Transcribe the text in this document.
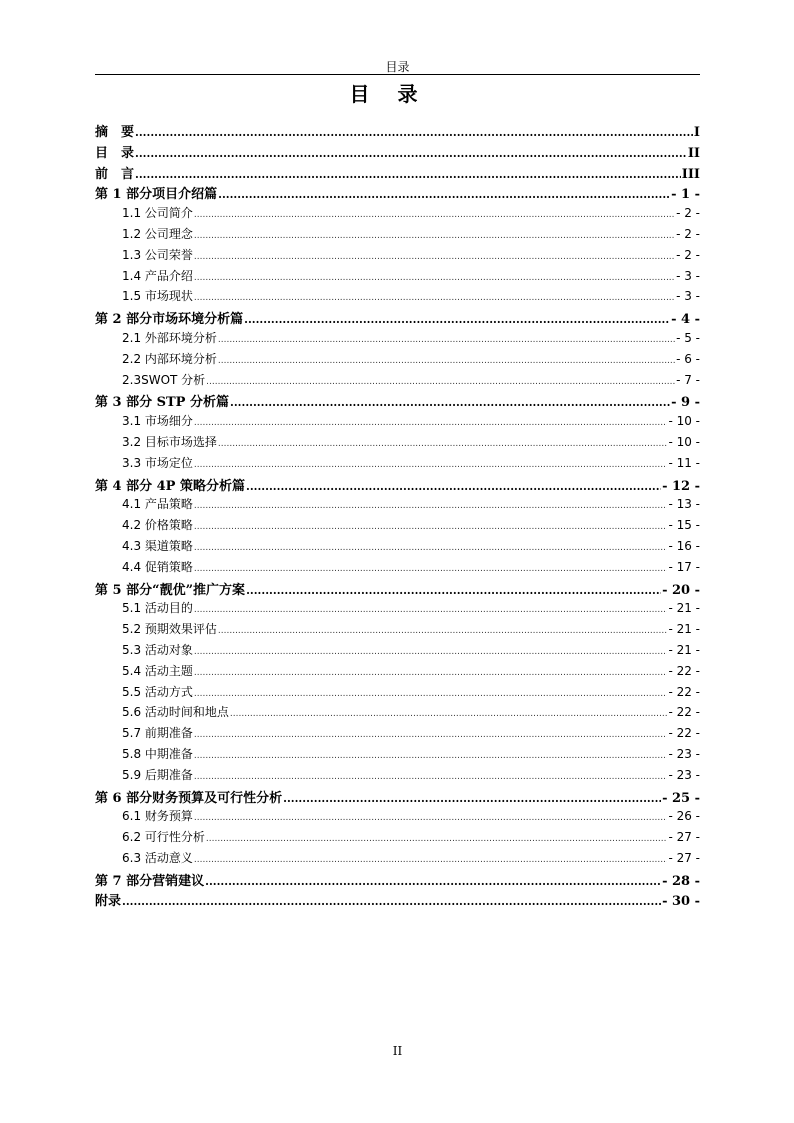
目录
目录
摘　要 .....	I
目　录 .....	II
前　言 .....	III
第 1 部分项目介绍篇 .....	- 1 -
1.1 公司简介 .....	- 2 -
1.2 公司理念 .....	- 2 -
1.3 公司荣誉 .....	- 2 -
1.4 产品介绍 .....	- 3 -
1.5 市场现状 .....	- 3 -
第 2 部分市场环境分析篇 .....	- 4 -
2.1 外部环境分析 .....	- 5 -
2.2 内部环境分析 .....	- 6 -
2.3SWOT 分析 .....	- 7 -
第 3 部分 STP 分析篇 .....	- 9 -
3.1 市场细分 .....	- 10 -
3.2 目标市场选择 .....	- 10 -
3.3 市场定位 .....	- 11 -
第 4 部分 4P 策略分析篇 .....	- 12 -
4.1 产品策略 .....	- 13 -
4.2 价格策略 .....	- 15 -
4.3 渠道策略 .....	- 16 -
4.4 促销策略 .....	- 17 -
第 5 部分“靓优”推广方案 .....	- 20 -
5.1 活动目的 .....	- 21 -
5.2 预期效果评估 .....	- 21 -
5.3 活动对象 .....	- 21 -
5.4 活动主题 .....	- 22 -
5.5 活动方式 .....	- 22 -
5.6 活动时间和地点 .....	- 22 -
5.7 前期准备 .....	- 22 -
5.8 中期准备 .....	- 23 -
5.9 后期准备 .....	- 23 -
第 6 部分财务预算及可行性分析 .....	- 25 -
6.1 财务预算 .....	- 26 -
6.2 可行性分析 .....	- 27 -
6.3 活动意义 .....	- 27 -
第 7 部分营销建议 .....	- 28 -
附录 .....	- 30 -
II
